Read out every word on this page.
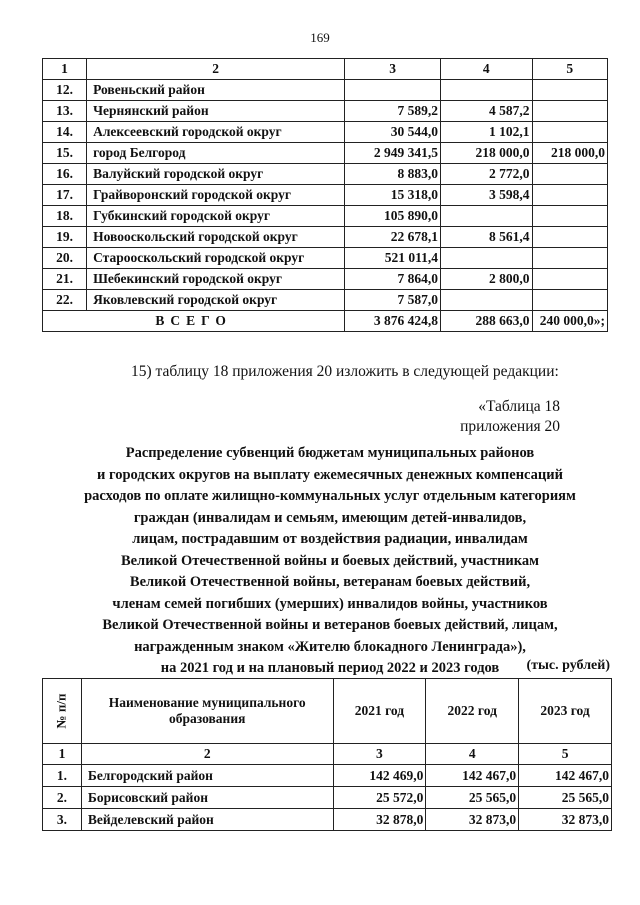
169
1	2	3	4	5
12.	Ровеньский район			
13.	Чернянский район	7 589,2	4 587,2	
14.	Алексеевский городской округ	30 544,0	1 102,1	
15.	город Белгород	2 949 341,5	218 000,0	218 000,0
16.	Валуйский городской округ	8 883,0	2 772,0	
17.	Грайворонский городской округ	15 318,0	3 598,4	
18.	Губкинский городской округ	105 890,0		
19.	Новооскольский городской округ	22 678,1	8 561,4	
20.	Старооскольский городской округ	521 011,4		
21.	Шебекинский городской округ	7 864,0	2 800,0	
22.	Яковлевский городской округ	7 587,0		
ВСЕГО		3 876 424,8	288 663,0	240 000,0»;
15) таблицу 18 приложения 20 изложить в следующей редакции:
«Таблица 18
приложения 20
Распределение субвенций бюджетам муниципальных районов
и городских округов на выплату ежемесячных денежных компенсаций
расходов по оплате жилищно-коммунальных услуг отдельным категориям
граждан (инвалидам и семьям, имеющим детей-инвалидов,
лицам, пострадавшим от воздействия радиации, инвалидам
Великой Отечественной войны и боевых действий, участникам
Великой Отечественной войны, ветеранам боевых действий,
членам семей погибших (умерших) инвалидов войны, участников
Великой Отечественной войны и ветеранов боевых действий, лицам,
награжденным знаком «Жителю блокадного Ленинграда»),
на 2021 год и на плановый период 2022 и 2023 годов	(тыс. рублей)
№ п/п	Наименование муниципального образования	2021 год	2022 год	2023 год
1	2	3	4	5
1.	Белгородский район	142 469,0	142 467,0	142 467,0
2.	Борисовский район	25 572,0	25 565,0	25 565,0
3.	Вейделевский район	32 878,0	32 873,0	32 873,0
